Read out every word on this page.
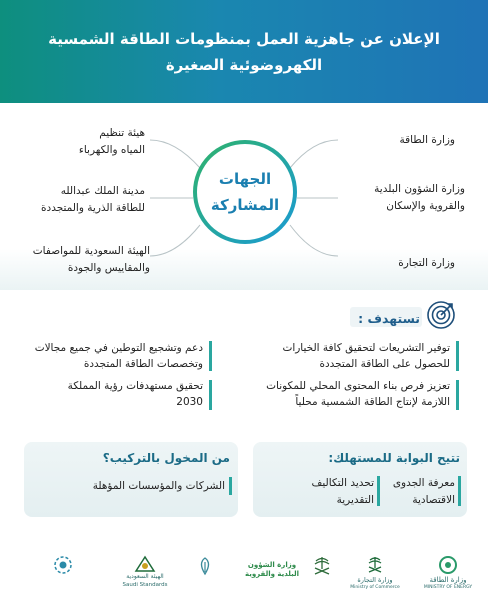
الإعلان عن جاهزية العمل بمنظومات الطاقة الشمسية
الكهروضوئية الصغيرة
الجهات
المشاركة
وزارة الطاقة
وزارة الشؤون البلدية
والقروية والإسكان
وزارة التجارة
هيئة تنظيم
المياه والكهرباء
مدينة الملك عبدالله
للطاقة الذرية والمتجددة
الهيئة السعودية للمواصفات
والمقاييس والجودة
تستهدف :
توفير التشريعات لتحقيق كافة الخيارات
للحصول على الطاقة المتجددة
تعزيز فرص بناء المحتوى المحلي للمكونات
اللازمة لإنتاج الطاقة الشمسية محلياً
دعم وتشجيع التوطين في جميع مجالات
وتخصصات الطاقة المتجددة
تحقيق مستهدفات رؤية المملكة
2030
تتيح البوابة للمستهلك:
معرفة الجدوى
الاقتصادية
تحديد التكاليف
التقديرية
من المخول بالتركيب؟
الشركات والمؤسسات المؤهلة
وزارة الطاقة
MINISTRY OF ENERGY
وزارة التجارة
Ministry of Commerce
وزارة الشؤون البلدية والقروية
الهيئة السعودية
Saudi Standards
